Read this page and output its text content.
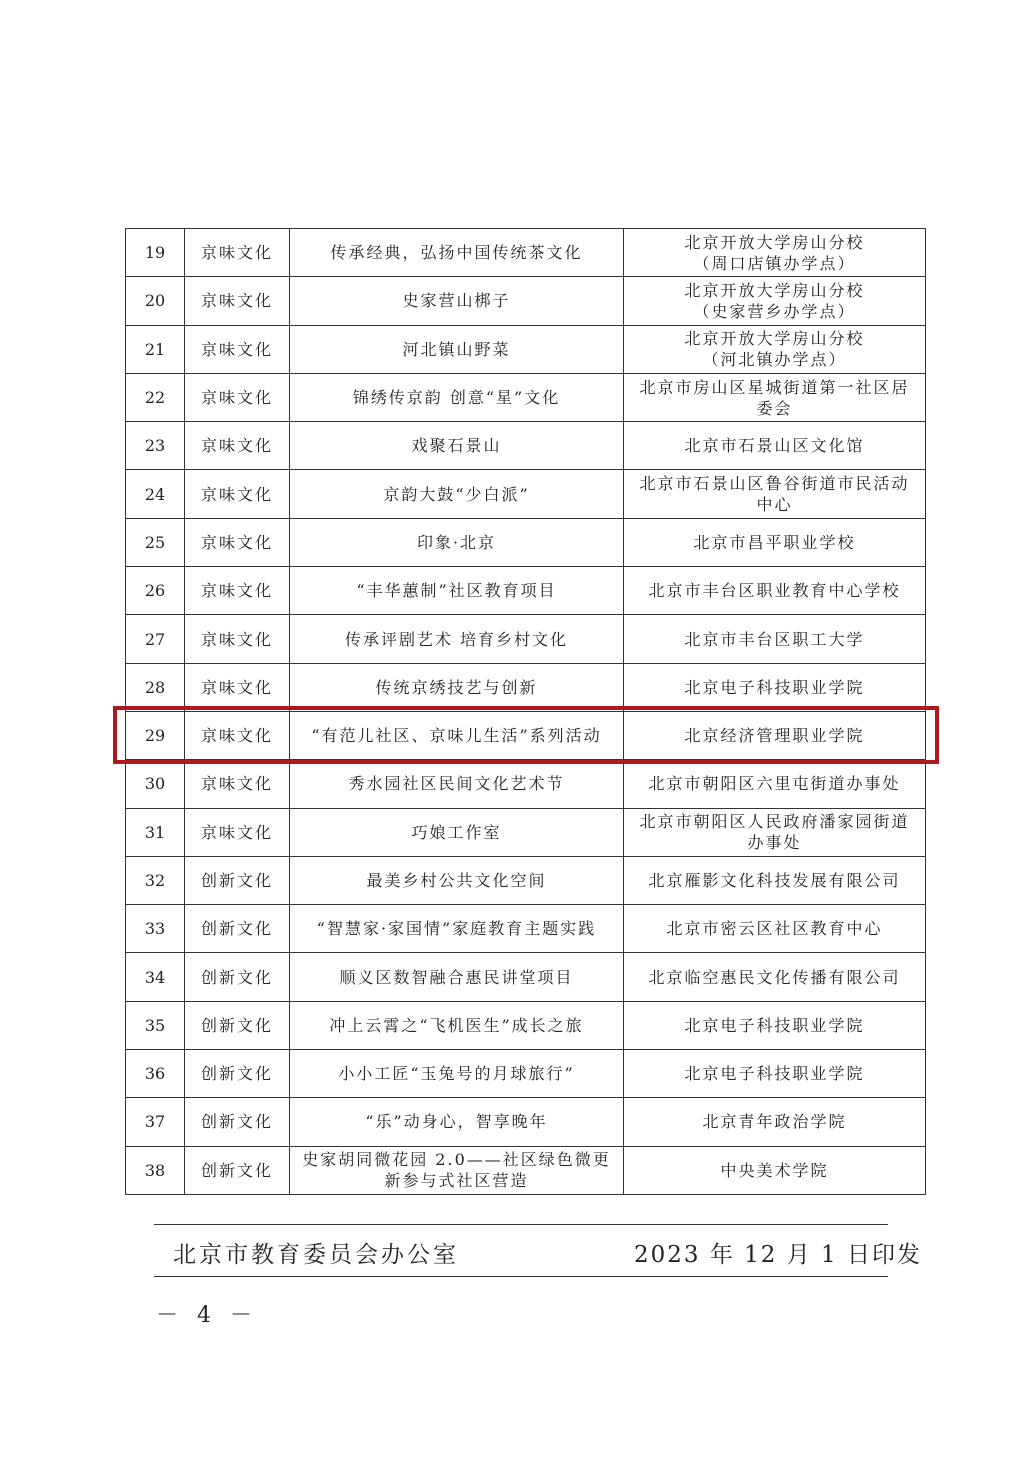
19	京味文化	传承经典，弘扬中国传统茶文化	北京开放大学房山分校
（周口店镇办学点）

20	京味文化	史家营山梆子	北京开放大学房山分校
（史家营乡办学点）

21	京味文化	河北镇山野菜	北京开放大学房山分校
（河北镇办学点）

22	京味文化	锦绣传京韵 创意“星”文化	北京市房山区星城街道第一社区居
委会

23	京味文化	戏聚石景山	北京市石景山区文化馆

24	京味文化	京韵大鼓“少白派”	北京市石景山区鲁谷街道市民活动
中心

25	京味文化	印象·北京	北京市昌平职业学校

26	京味文化	“丰华蕙制”社区教育项目	北京市丰台区职业教育中心学校

27	京味文化	传承评剧艺术 培育乡村文化	北京市丰台区职工大学

28	京味文化	传统京绣技艺与创新	北京电子科技职业学院

29	京味文化	“有范儿社区、京味儿生活”系列活动	北京经济管理职业学院

30	京味文化	秀水园社区民间文化艺术节	北京市朝阳区六里屯街道办事处

31	京味文化	巧娘工作室	北京市朝阳区人民政府潘家园街道
办事处

32	创新文化	最美乡村公共文化空间	北京雁影文化科技发展有限公司

33	创新文化	“智慧家·家国情”家庭教育主题实践	北京市密云区社区教育中心

34	创新文化	顺义区数智融合惠民讲堂项目	北京临空惠民文化传播有限公司

35	创新文化	冲上云霄之“飞机医生”成长之旅	北京电子科技职业学院

36	创新文化	小小工匠“玉兔号的月球旅行”	北京电子科技职业学院

37	创新文化	“乐”动身心，智享晚年	北京青年政治学院

38	创新文化	史家胡同微花园 2.0——社区绿色微更新参与式社区营造	中央美术学院
北京市教育委员会办公室	2023 年 12 月 1 日印发
－ 4 －
